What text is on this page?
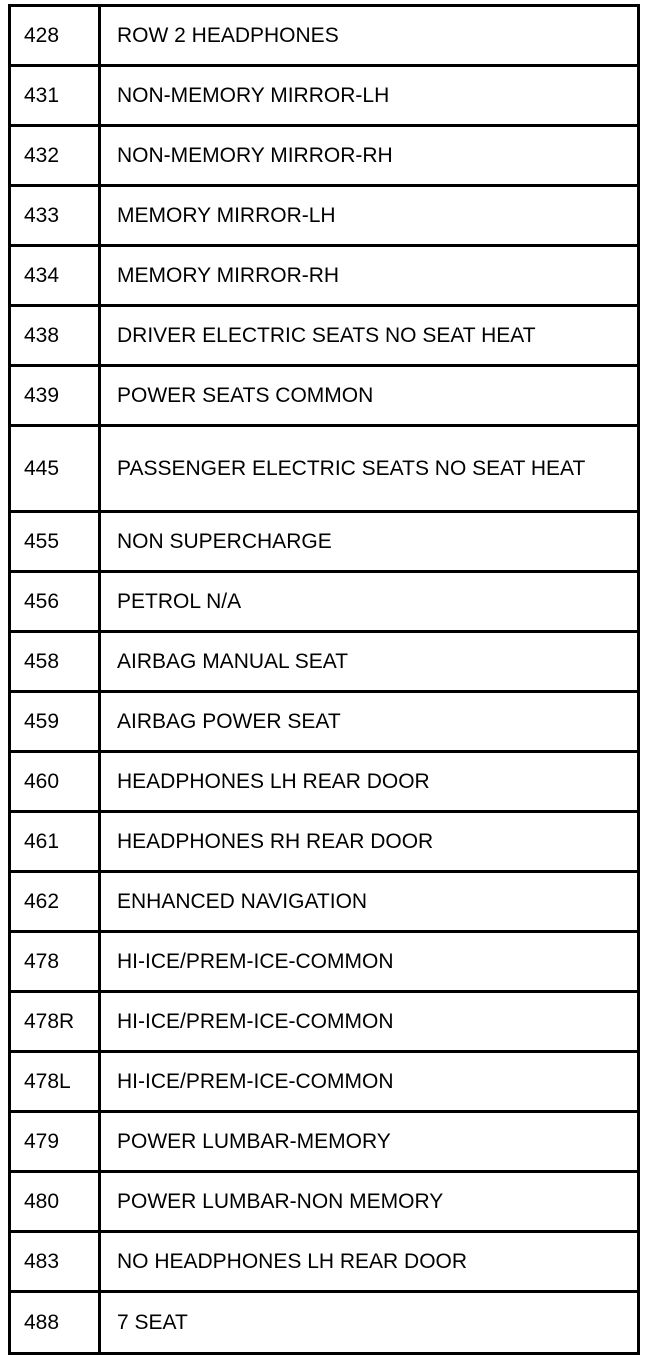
428	ROW 2 HEADPHONES
431	NON-MEMORY MIRROR-LH
432	NON-MEMORY MIRROR-RH
433	MEMORY MIRROR-LH
434	MEMORY MIRROR-RH
438	DRIVER ELECTRIC SEATS NO SEAT HEAT
439	POWER SEATS COMMON
445	PASSENGER ELECTRIC SEATS NO SEAT HEAT
455	NON SUPERCHARGE
456	PETROL N/A
458	AIRBAG MANUAL SEAT
459	AIRBAG POWER SEAT
460	HEADPHONES LH REAR DOOR
461	HEADPHONES RH REAR DOOR
462	ENHANCED NAVIGATION
478	HI-ICE/PREM-ICE-COMMON
478R	HI-ICE/PREM-ICE-COMMON
478L	HI-ICE/PREM-ICE-COMMON
479	POWER LUMBAR-MEMORY
480	POWER LUMBAR-NON MEMORY
483	NO HEADPHONES LH REAR DOOR
488	7 SEAT
